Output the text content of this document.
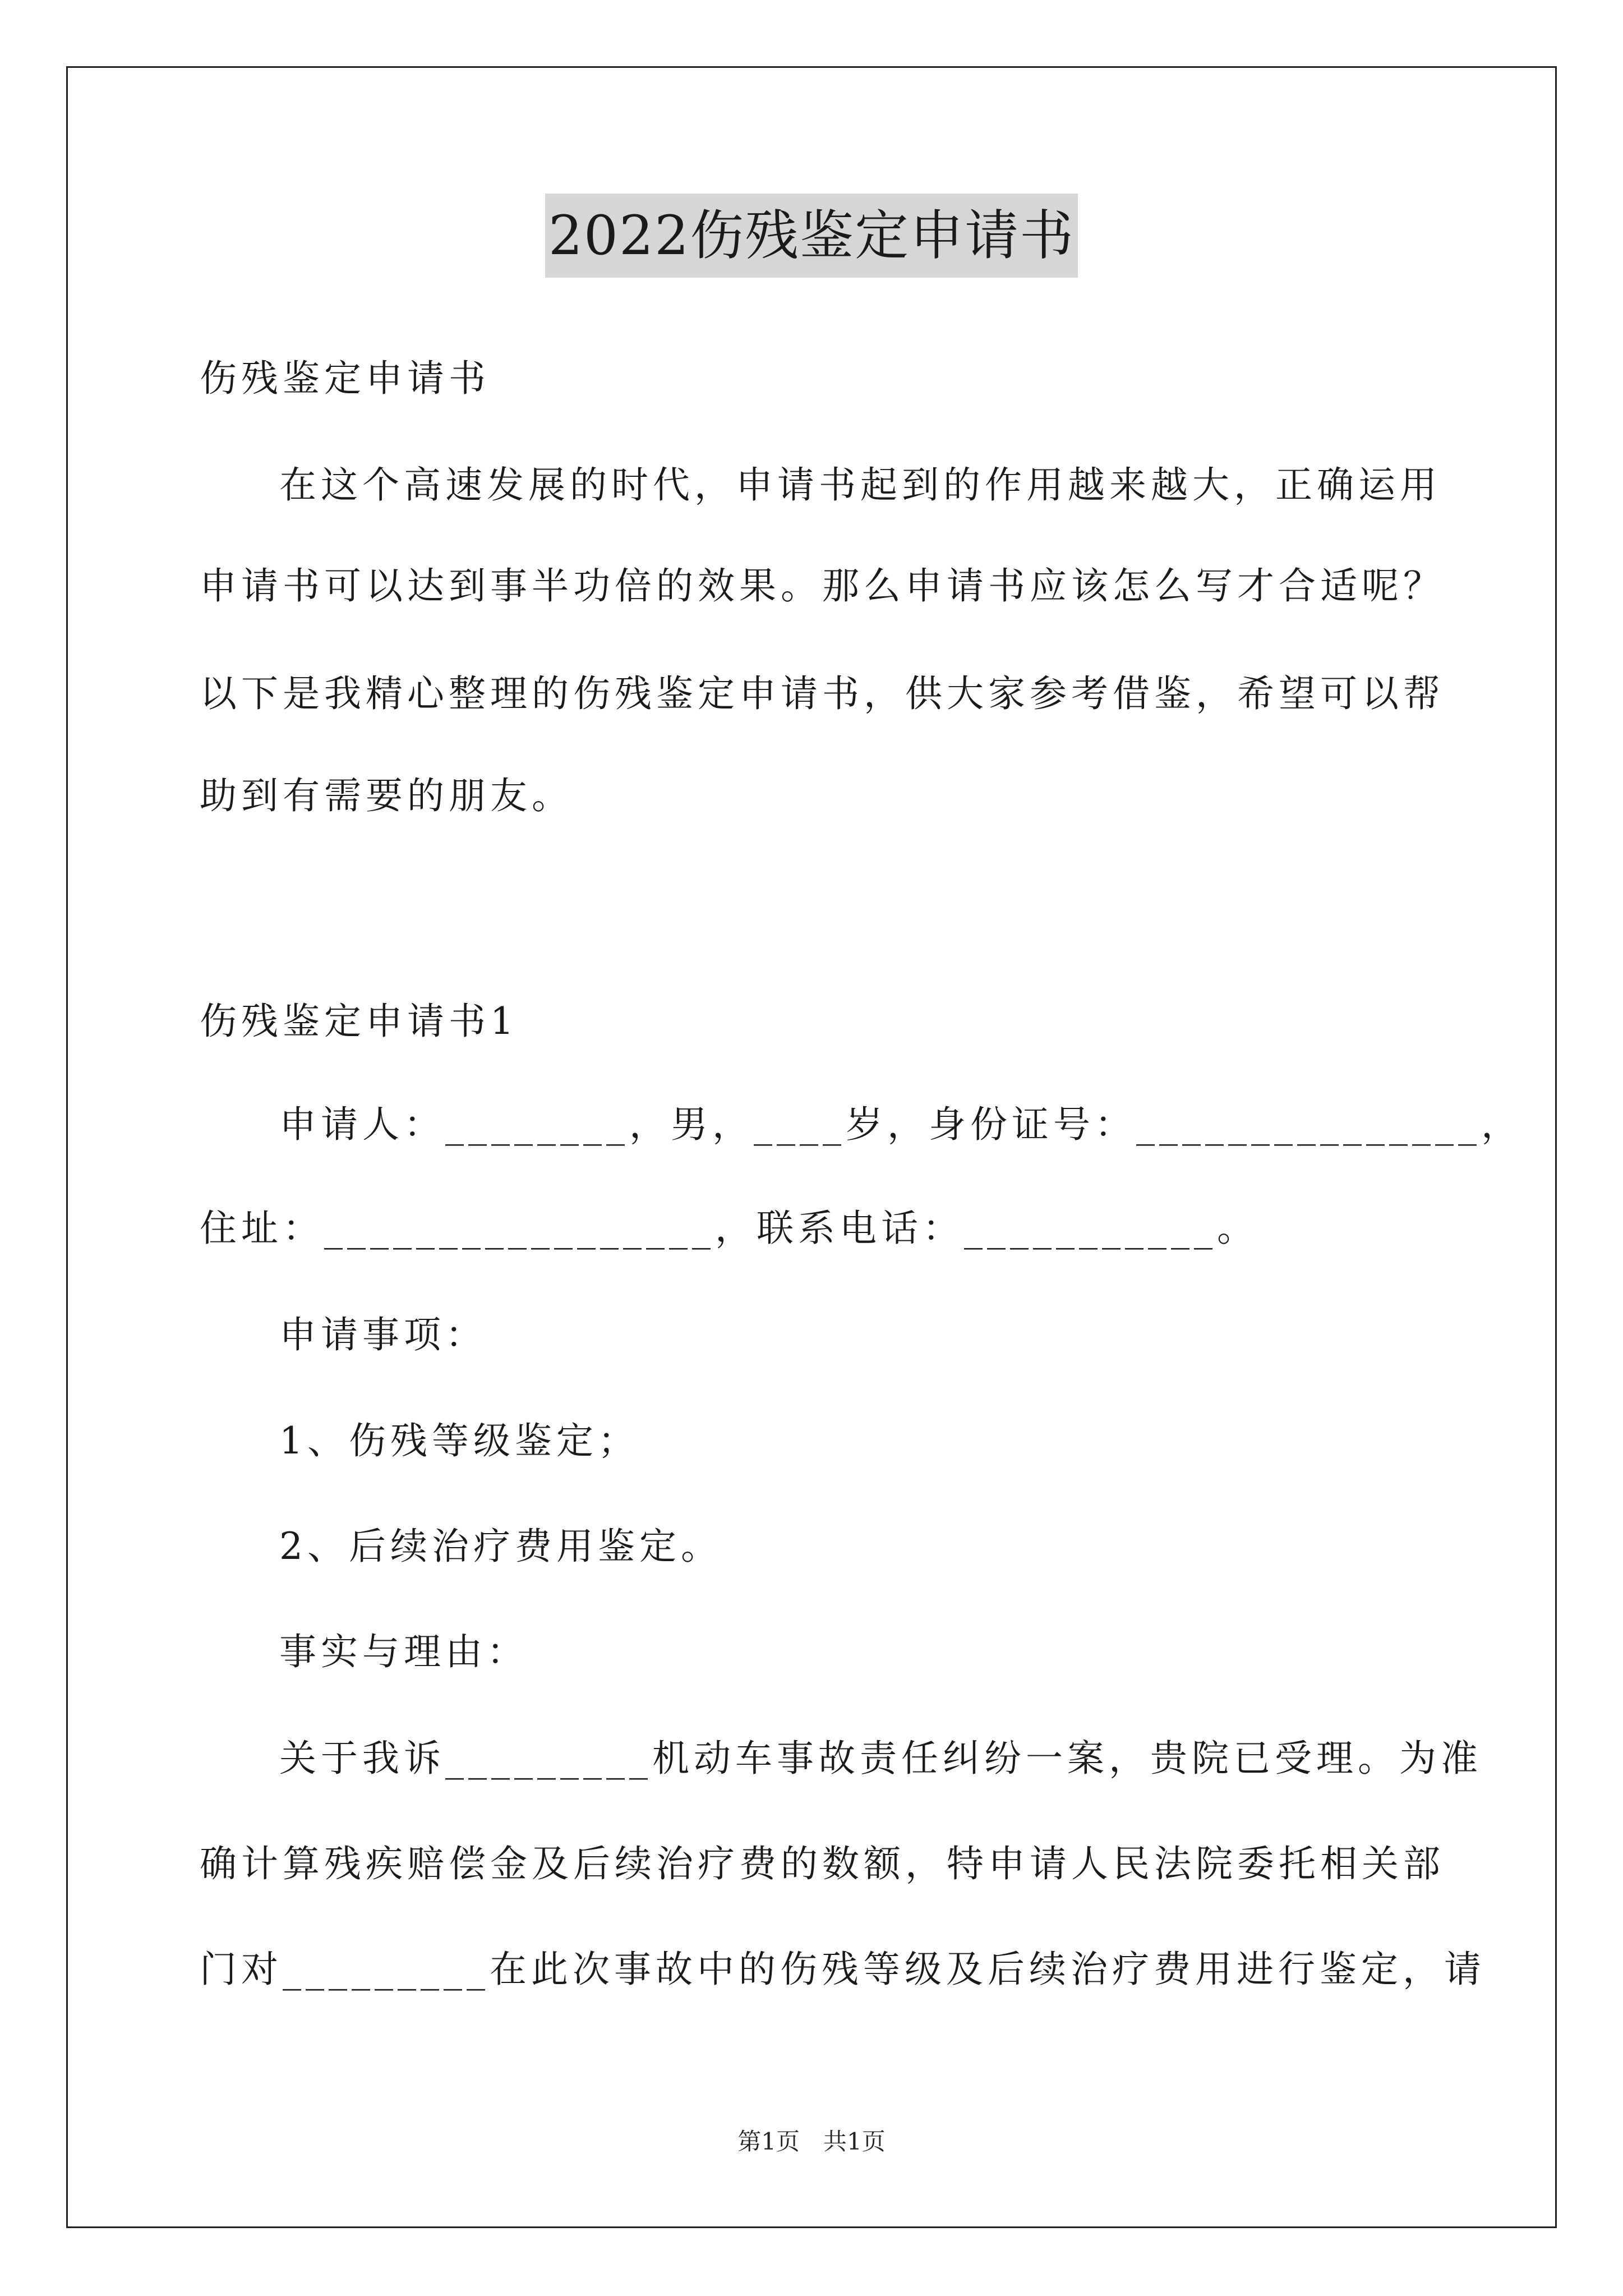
2022伤残鉴定申请书
伤残鉴定申请书
在这个高速发展的时代，申请书起到的作用越来越大，正确运用
申请书可以达到事半功倍的效果。那么申请书应该怎么写才合适呢？
以下是我精心整理的伤残鉴定申请书，供大家参考借鉴，希望可以帮
助到有需要的朋友。
伤残鉴定申请书1
申请人：________，男，____岁，身份证号：_______________，
住址：_________________，联系电话：___________。
申请事项：
1、伤残等级鉴定；
2、后续治疗费用鉴定。
事实与理由：
关于我诉_________机动车事故责任纠纷一案，贵院已受理。为准
确计算残疾赔偿金及后续治疗费的数额，特申请人民法院委托相关部
门对_________在此次事故中的伤残等级及后续治疗费用进行鉴定，请
第1页 共1页
